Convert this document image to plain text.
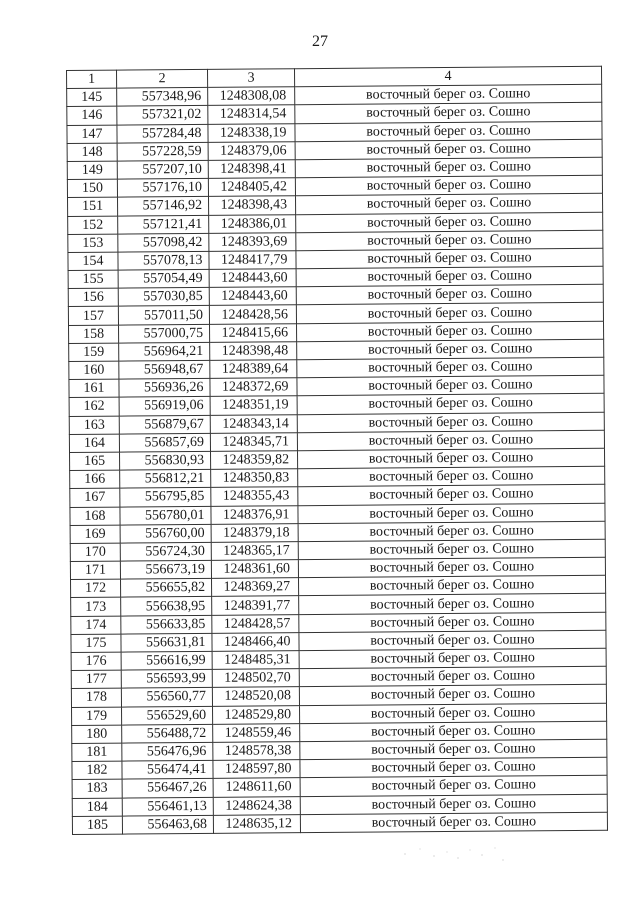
27
1	2	3	4
145	557348,96	1248308,08	восточный берег оз. Сошно
146	557321,02	1248314,54	восточный берег оз. Сошно
147	557284,48	1248338,19	восточный берег оз. Сошно
148	557228,59	1248379,06	восточный берег оз. Сошно
149	557207,10	1248398,41	восточный берег оз. Сошно
150	557176,10	1248405,42	восточный берег оз. Сошно
151	557146,92	1248398,43	восточный берег оз. Сошно
152	557121,41	1248386,01	восточный берег оз. Сошно
153	557098,42	1248393,69	восточный берег оз. Сошно
154	557078,13	1248417,79	восточный берег оз. Сошно
155	557054,49	1248443,60	восточный берег оз. Сошно
156	557030,85	1248443,60	восточный берег оз. Сошно
157	557011,50	1248428,56	восточный берег оз. Сошно
158	557000,75	1248415,66	восточный берег оз. Сошно
159	556964,21	1248398,48	восточный берег оз. Сошно
160	556948,67	1248389,64	восточный берег оз. Сошно
161	556936,26	1248372,69	восточный берег оз. Сошно
162	556919,06	1248351,19	восточный берег оз. Сошно
163	556879,67	1248343,14	восточный берег оз. Сошно
164	556857,69	1248345,71	восточный берег оз. Сошно
165	556830,93	1248359,82	восточный берег оз. Сошно
166	556812,21	1248350,83	восточный берег оз. Сошно
167	556795,85	1248355,43	восточный берег оз. Сошно
168	556780,01	1248376,91	восточный берег оз. Сошно
169	556760,00	1248379,18	восточный берег оз. Сошно
170	556724,30	1248365,17	восточный берег оз. Сошно
171	556673,19	1248361,60	восточный берег оз. Сошно
172	556655,82	1248369,27	восточный берег оз. Сошно
173	556638,95	1248391,77	восточный берег оз. Сошно
174	556633,85	1248428,57	восточный берег оз. Сошно
175	556631,81	1248466,40	восточный берег оз. Сошно
176	556616,99	1248485,31	восточный берег оз. Сошно
177	556593,99	1248502,70	восточный берег оз. Сошно
178	556560,77	1248520,08	восточный берег оз. Сошно
179	556529,60	1248529,80	восточный берег оз. Сошно
180	556488,72	1248559,46	восточный берег оз. Сошно
181	556476,96	1248578,38	восточный берег оз. Сошно
182	556474,41	1248597,80	восточный берег оз. Сошно
183	556467,26	1248611,60	восточный берег оз. Сошно
184	556461,13	1248624,38	восточный берег оз. Сошно
185	556463,68	1248635,12	восточный берег оз. Сошно
